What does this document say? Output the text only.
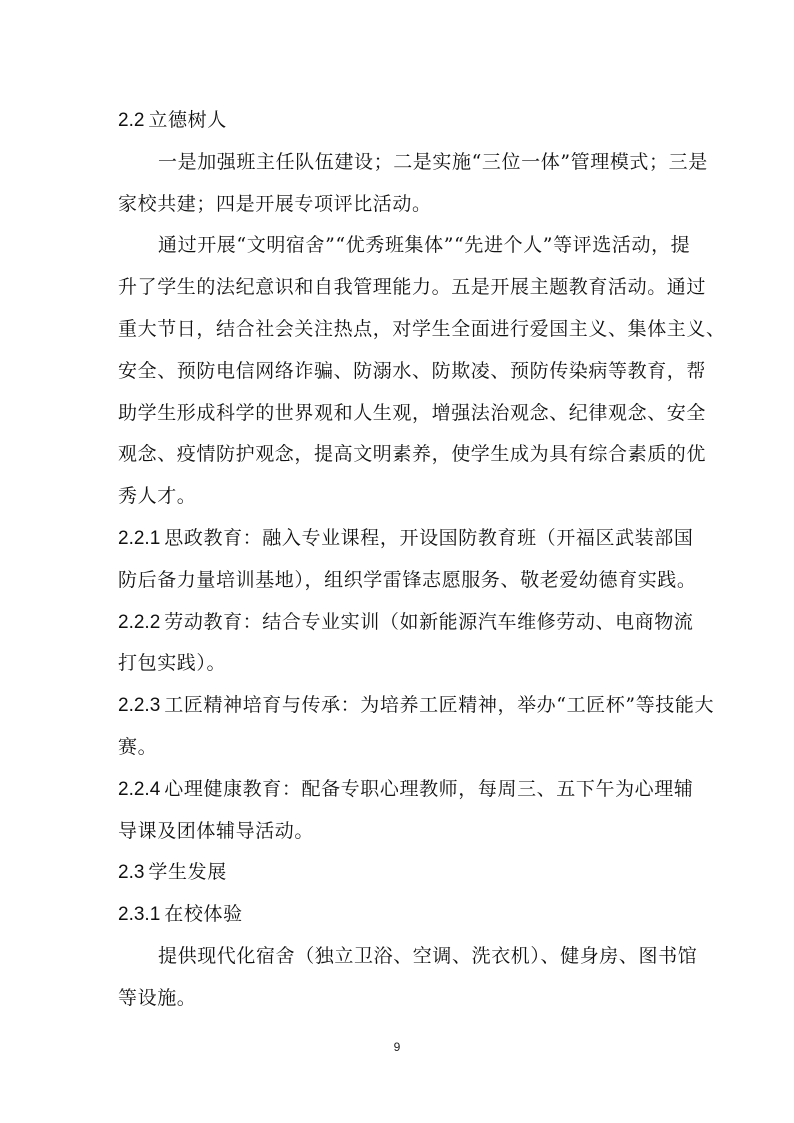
2.2 立德树人
一是加强班主任队伍建设；二是实施“三位一体”管理模式；三是
家校共建；四是开展专项评比活动。
通过开展“文明宿舍”“优秀班集体”“先进个人”等评选活动，提
升了学生的法纪意识和自我管理能力。五是开展主题教育活动。通过
重大节日，结合社会关注热点，对学生全面进行爱国主义、集体主义、
安全、预防电信网络诈骗、防溺水、防欺凌、预防传染病等教育，帮
助学生形成科学的世界观和人生观，增强法治观念、纪律观念、安全
观念、疫情防护观念，提高文明素养，使学生成为具有综合素质的优
秀人才。
2.2.1 思政教育：融入专业课程，开设国防教育班（开福区武装部国
防后备力量培训基地），组织学雷锋志愿服务、敬老爱幼德育实践。
2.2.2 劳动教育：结合专业实训（如新能源汽车维修劳动、电商物流
打包实践）。
2.2.3 工匠精神培育与传承：为培养工匠精神，举办“工匠杯”等技能大
赛。
2.2.4 心理健康教育：配备专职心理教师，每周三、五下午为心理辅
导课及团体辅导活动。
2.3 学生发展
2.3.1 在校体验
提供现代化宿舍（独立卫浴、空调、洗衣机）、健身房、图书馆
等设施。
9
